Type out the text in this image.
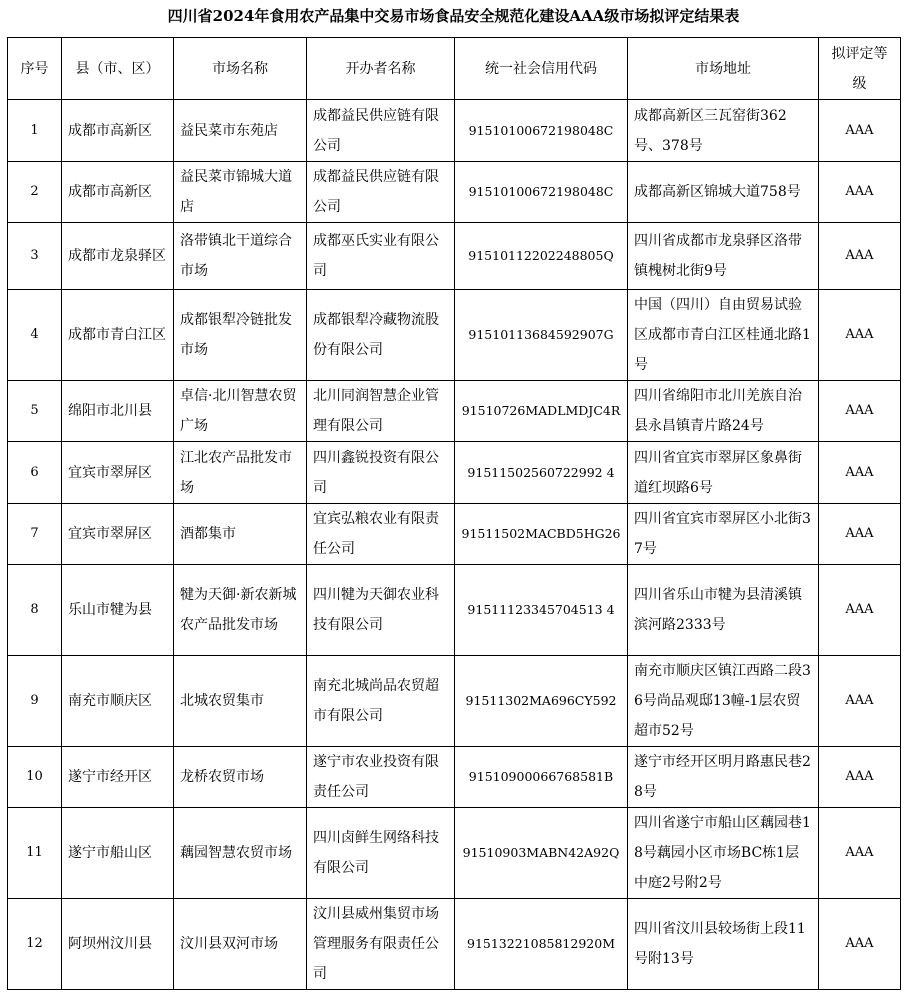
四川省2024年食用农产品集中交易市场食品安全规范化建设AAA级市场拟评定结果表
序号	县（市、区）	市场名称	开办者名称	统一社会信用代码	市场地址	拟评定等级
1	成都市高新区	益民菜市东苑店	成都益民供应链有限公司	91510100672198048C	成都高新区三瓦窑街362号、378号	AAA
2	成都市高新区	益民菜市锦城大道店	成都益民供应链有限公司	91510100672198048C	成都高新区锦城大道758号	AAA
3	成都市龙泉驿区	洛带镇北干道综合市场	成都巫氏实业有限公司	91510112202248805Q	四川省成都市龙泉驿区洛带镇槐树北街9号	AAA
4	成都市青白江区	成都银犁冷链批发市场	成都银犁冷藏物流股份有限公司	91510113684592907G	中国（四川）自由贸易试验区成都市青白江区桂通北路1号	AAA
5	绵阳市北川县	卓信·北川智慧农贸广场	北川同润智慧企业管理有限公司	91510726MADLMDJC4R	四川省绵阳市北川羌族自治县永昌镇青片路24号	AAA
6	宜宾市翠屏区	江北农产品批发市场	四川鑫锐投资有限公司	91511502560722992 4	四川省宜宾市翠屏区象鼻街道红坝路6号	AAA
7	宜宾市翠屏区	酒都集市	宜宾弘粮农业有限责任公司	91511502MACBD5HG26	四川省宜宾市翠屏区小北街37号	AAA
8	乐山市犍为县	犍为天御·新农新城农产品批发市场	四川犍为天御农业科技有限公司	91511123345704513 4	四川省乐山市犍为县清溪镇滨河路2333号	AAA
9	南充市顺庆区	北城农贸集市	南充北城尚品农贸超市有限公司	91511302MA696CY592	南充市顺庆区镇江西路二段36号尚品观邸13幢-1层农贸超市52号	AAA
10	遂宁市经开区	龙桥农贸市场	遂宁市农业投资有限责任公司	91510900066768581B	遂宁市经开区明月路惠民巷28号	AAA
11	遂宁市船山区	藕园智慧农贸市场	四川卤鲜生网络科技有限公司	91510903MABN42A92Q	四川省遂宁市船山区藕园巷18号藕园小区市场BC栋1层中庭2号附2号	AAA
12	阿坝州汶川县	汶川县双河市场	汶川县威州集贸市场管理服务有限责任公司	91513221085812920M	四川省汶川县较场街上段11号附13号	AAA
